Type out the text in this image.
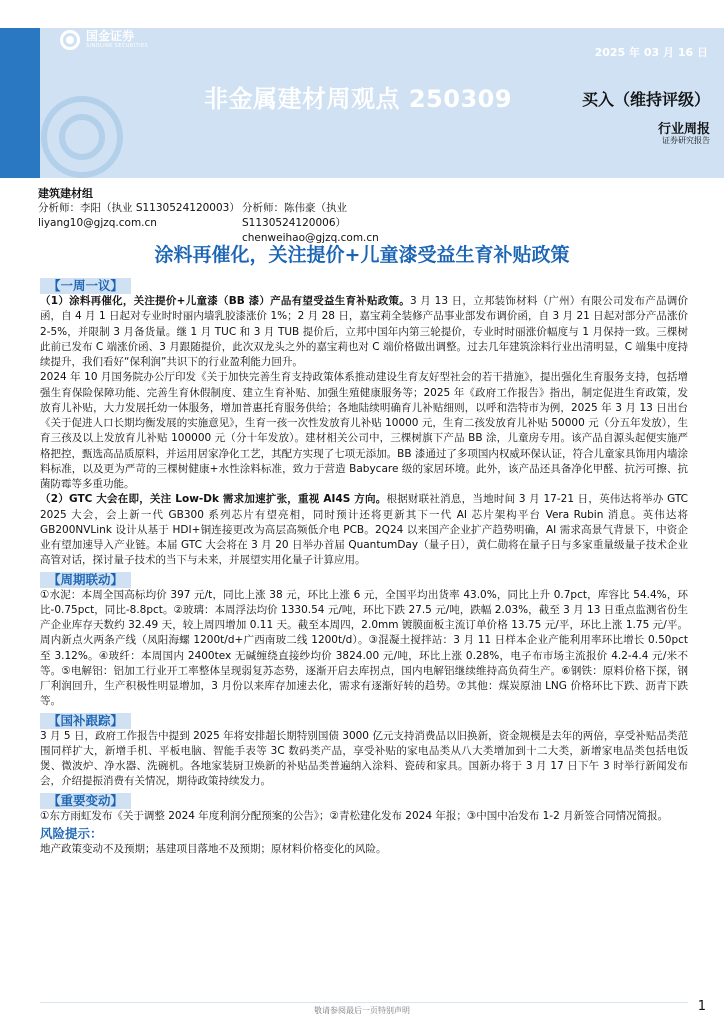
国金证券
SINOLINK SECURITIES	2025 年 03 月 16 日
非金属建材周观点 250309	买入（维持评级）
行业周报
证券研究报告
建筑建材组
分析师：李阳（执业 S1130524120003）
liyang10@gjzq.com.cn
分析师：陈伟豪（执业 S1130524120006）
chenweihao@gjzq.com.cn
涂料再催化，关注提价+儿童漆受益生育补贴政策
【一周一议】
（1）涂料再催化，关注提价+儿童漆（BB 漆）产品有望受益生育补贴政策。3 月 13 日，立邦装饰材料（广州）有限公司发布产品调价函，自 4 月 1 日起对专业时时丽内墙乳胶漆涨价 1%；2 月 28 日，嘉宝莉全装修产品事业部发布调价函，自 3 月 21 日起对部分产品涨价 2-5%，并限制 3 月备货量。继 1 月 TUC 和 3 月 TUB 提价后，立邦中国年内第三轮提价，专业时时丽涨价幅度与 1 月保持一致。三棵树此前已发布 C 端涨价函、3 月跟随提价，此次双龙头之外的嘉宝莉也对 C 端价格做出调整。过去几年建筑涂料行业出清明显，C 端集中度持续提升，我们看好“保利润”共识下的行业盈利能力回升。
2024 年 10 月国务院办公厅印发《关于加快完善生育支持政策体系推动建设生育友好型社会的若干措施》，提出强化生育服务支持，包括增强生育保险保障功能、完善生育休假制度、建立生育补贴、加强生殖健康服务等；2025 年《政府工作报告》指出，制定促进生育政策，发放育儿补贴，大力发展托幼一体服务，增加普惠托育服务供给；各地陆续明确育儿补贴细则，以呼和浩特市为例，2025 年 3 月 13 日出台《关于促进人口长期均衡发展的实施意见》，生育一孩一次性发放育儿补贴 10000 元，生育二孩发放育儿补贴 50000 元（分五年发放），生育三孩及以上发放育儿补贴 100000 元（分十年发放）。建材相关公司中，三棵树旗下产品 BB 涂，儿童房专用。该产品自源头起便实施严格把控，甄选高品质原料，并运用居家净化工艺，其配方实现了七项无添加。BB 漆通过了多项国内权威环保认证，符合儿童家具饰用内墙涂料标准，以及更为严苛的三棵树健康+水性涂料标准，致力于营造 Babycare 级的家居环境。此外，该产品还具备净化甲醛、抗污可擦、抗菌防霉等多重功能。
（2）GTC 大会在即，关注 Low-Dk 需求加速扩张，重视 AI4S 方向。根据财联社消息，当地时间 3 月 17-21 日，英伟达将举办 GTC 2025 大会，会上新一代 GB300 系列芯片有望亮相，同时预计还将更新其下一代 AI 芯片架构平台 Vera Rubin 消息。英伟达将 GB200NVLink 设计从基于 HDI+铜连接更改为高层高频低介电 PCB。2Q24 以来国产企业扩产趋势明确，AI 需求高景气背景下，中资企业有望加速导入产业链。本届 GTC 大会将在 3 月 20 日举办首届 QuantumDay（量子日），黄仁勋将在量子日与多家重量级量子技术企业高管对话，探讨量子技术的当下与未来，并展望实用化量子计算应用。
【周期联动】
①水泥：本周全国高标均价 397 元/t，同比上涨 38 元，环比上涨 6 元，全国平均出货率 43.0%，同比上升 0.7pct，库容比 54.4%，环比-0.75pct，同比-8.8pct。②玻璃：本周浮法均价 1330.54 元/吨，环比下跌 27.5 元/吨，跌幅 2.03%，截至 3 月 13 日重点监测省份生产企业库存天数约 32.49 天，较上周四增加 0.11 天。截至本周四，2.0mm 镀膜面板主流订单价格 13.75 元/平，环比上涨 1.75 元/平。周内新点火两条产线（凤阳海螺 1200t/d+广西南玻二线 1200t/d）。③混凝土搅拌站：3 月 11 日样本企业产能利用率环比增长 0.50pct 至 3.12%。④玻纤：本周国内 2400tex 无碱缠绕直接纱均价 3824.00 元/吨，环比上涨 0.28%，电子布市场主流报价 4.2-4.4 元/米不等。⑤电解铝：铝加工行业开工率整体呈现弱复苏态势，逐渐开启去库拐点，国内电解铝继续维持高负荷生产。⑥钢铁：原料价格下探，钢厂利润回升，生产积极性明显增加，3 月份以来库存加速去化，需求有逐渐好转的趋势。⑦其他：煤炭原油 LNG 价格环比下跌、沥青下跌等。
【国补跟踪】
3 月 5 日，政府工作报告中提到 2025 年将安排超长期特别国债 3000 亿元支持消费品以旧换新，资金规模是去年的两倍，享受补贴品类范围同样扩大，新增手机、平板电脑、智能手表等 3C 数码类产品，享受补贴的家电品类从八大类增加到十二大类，新增家电品类包括电饭煲、微波炉、净水器、洗碗机。各地家装厨卫焕新的补贴品类普遍纳入涂料、瓷砖和家具。国新办将于 3 月 17 日下午 3 时举行新闻发布会，介绍提振消费有关情况，期待政策持续发力。
【重要变动】
①东方雨虹发布《关于调整 2024 年度利润分配预案的公告》；②青松建化发布 2024 年报；③中国中冶发布 1-2 月新签合同情况简报。
风险提示：
地产政策变动不及预期；基建项目落地不及预期；原材料价格变化的风险。
敬请参阅最后一页特别声明	1
